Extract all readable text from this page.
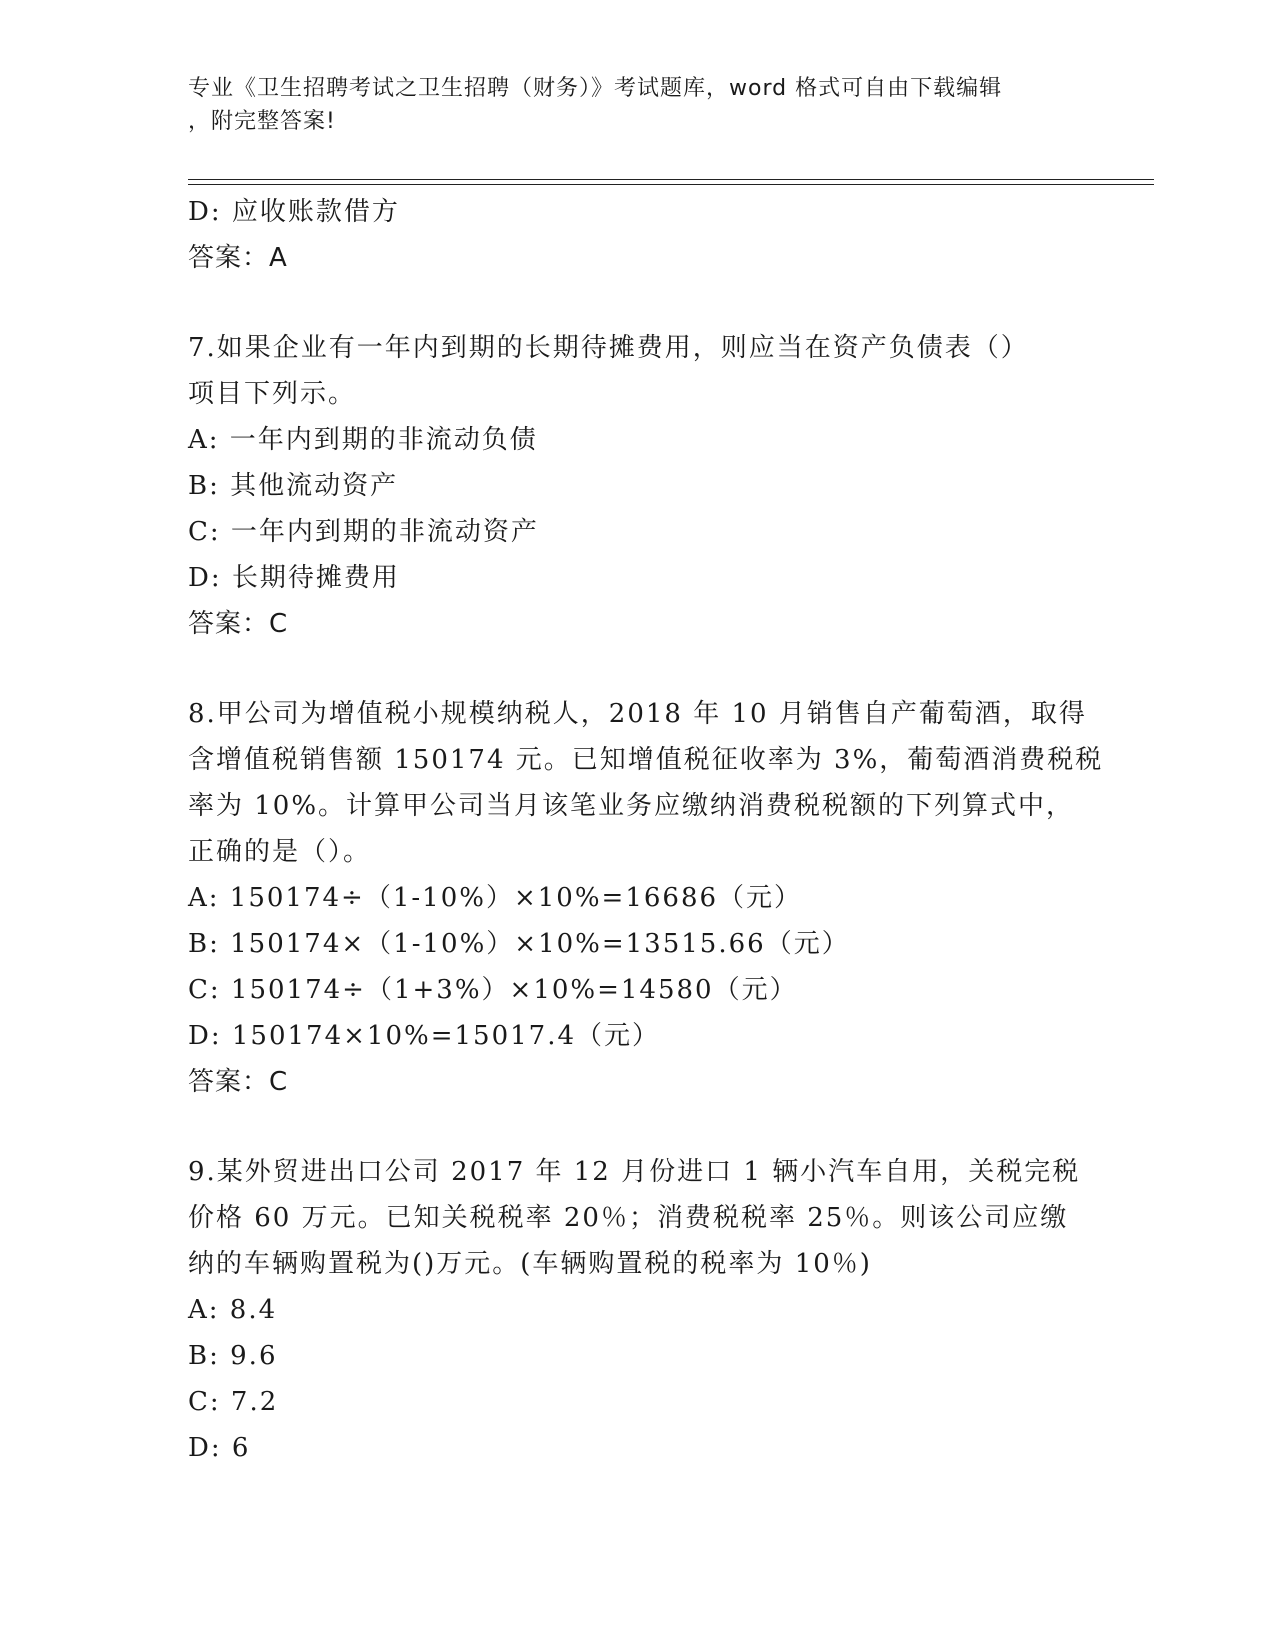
专业《卫生招聘考试之卫生招聘（财务）》考试题库，word 格式可自由下载编辑
，附完整答案!
D: 应收账款借方
答案：A
7.如果企业有一年内到期的长期待摊费用，则应当在资产负债表（）
项目下列示。
A: 一年内到期的非流动负债
B: 其他流动资产
C: 一年内到期的非流动资产
D: 长期待摊费用
答案：C
8.甲公司为增值税小规模纳税人，2018 年 10 月销售自产葡萄酒，取得
含增值税销售额 150174 元。已知增值税征收率为 3%，葡萄酒消费税税
率为 10%。计算甲公司当月该笔业务应缴纳消费税税额的下列算式中，
正确的是（）。
A: 150174÷（1-10%）×10%=16686（元）
B: 150174×（1-10%）×10%=13515.66（元）
C: 150174÷（1+3%）×10%=14580（元）
D: 150174×10%=15017.4（元）
答案：C
9.某外贸进出口公司 2017 年 12 月份进口 1 辆小汽车自用，关税完税
价格 60 万元。已知关税税率 20％；消费税税率 25％。则该公司应缴
纳的车辆购置税为()万元。(车辆购置税的税率为 10％)
A: 8.4
B: 9.6
C: 7.2
D: 6
